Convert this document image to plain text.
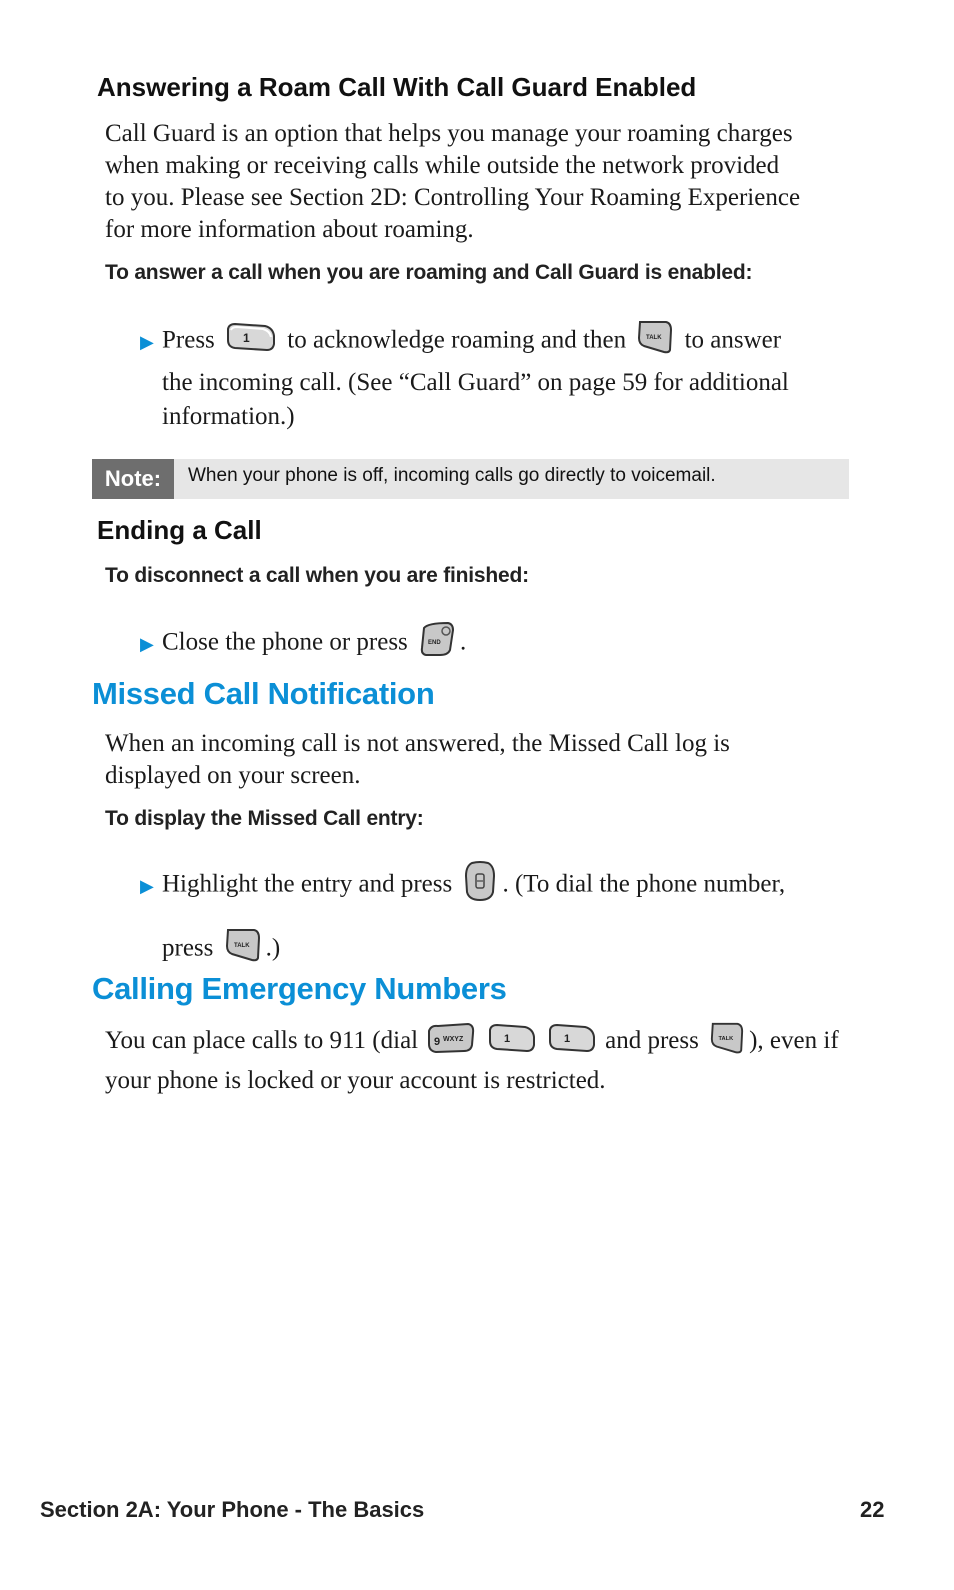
Answering a Roam Call With Call Guard Enabled
Call Guard is an option that helps you manage your roaming charges
when making or receiving calls while outside the network provided
to you. Please see Section 2D: Controlling Your Roaming Experience
for more information about roaming.
To answer a call when you are roaming and Call Guard is enabled:
▶ Press 1 to acknowledge roaming and then	TALK to answer
the incoming call. (See “Call Guard” on page 59 for additional
information.)
Note:	When your phone is off, incoming calls go directly to voicemail.
Ending a Call
To disconnect a call when you are finished:
▶ Close the phone or press	END .
Missed Call Notification
When an incoming call is not answered, the Missed Call log is
displayed on your screen.
To display the Missed Call entry:
▶ Highlight the entry and press . (To dial the phone number,
press	TALK .)
Calling Emergency Numbers
You can place calls to 911 (dial 9 WXYZ
	1
	1 and press	TALK ), even if
your phone is locked or your account is restricted.
Section 2A: Your Phone - The Basics	22
